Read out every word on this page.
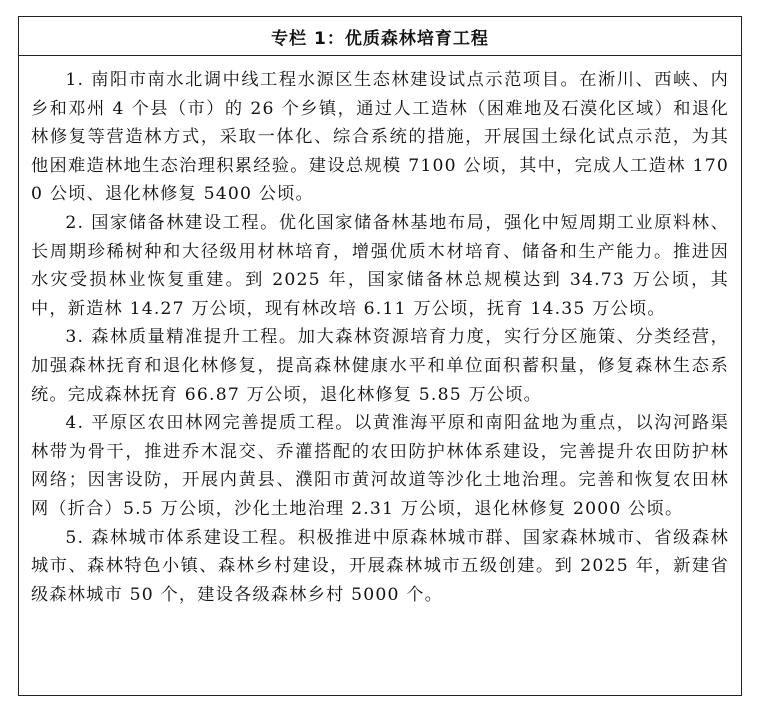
专栏 1：优质森林培育工程

1. 南阳市南水北调中线工程水源区生态林建设试点示范项目。在淅川、西峡、内乡和邓州 4 个县（市）的 26 个乡镇，通过人工造林（困难地及石漠化区域）和退化林修复等营造林方式，采取一体化、综合系统的措施，开展国土绿化试点示范，为其他困难造林地生态治理积累经验。建设总规模 7100 公顷，其中，完成人工造林 1700 公顷、退化林修复 5400 公顷。

2. 国家储备林建设工程。优化国家储备林基地布局，强化中短周期工业原料林、长周期珍稀树种和大径级用材林培育，增强优质木材培育、储备和生产能力。推进因水灾受损林业恢复重建。到 2025 年，国家储备林总规模达到 34.73 万公顷，其中，新造林 14.27 万公顷，现有林改培 6.11 万公顷，抚育 14.35 万公顷。

3. 森林质量精准提升工程。加大森林资源培育力度，实行分区施策、分类经营，加强森林抚育和退化林修复，提高森林健康水平和单位面积蓄积量，修复森林生态系统。完成森林抚育 66.87 万公顷，退化林修复 5.85 万公顷。

4. 平原区农田林网完善提质工程。以黄淮海平原和南阳盆地为重点，以沟河路渠林带为骨干，推进乔木混交、乔灌搭配的农田防护林体系建设，完善提升农田防护林网络；因害设防，开展内黄县、濮阳市黄河故道等沙化土地治理。完善和恢复农田林网（折合）5.5 万公顷，沙化土地治理 2.31 万公顷，退化林修复 2000 公顷。

5. 森林城市体系建设工程。积极推进中原森林城市群、国家森林城市、省级森林城市、森林特色小镇、森林乡村建设，开展森林城市五级创建。到 2025 年，新建省级森林城市 50 个，建设各级森林乡村 5000 个。
